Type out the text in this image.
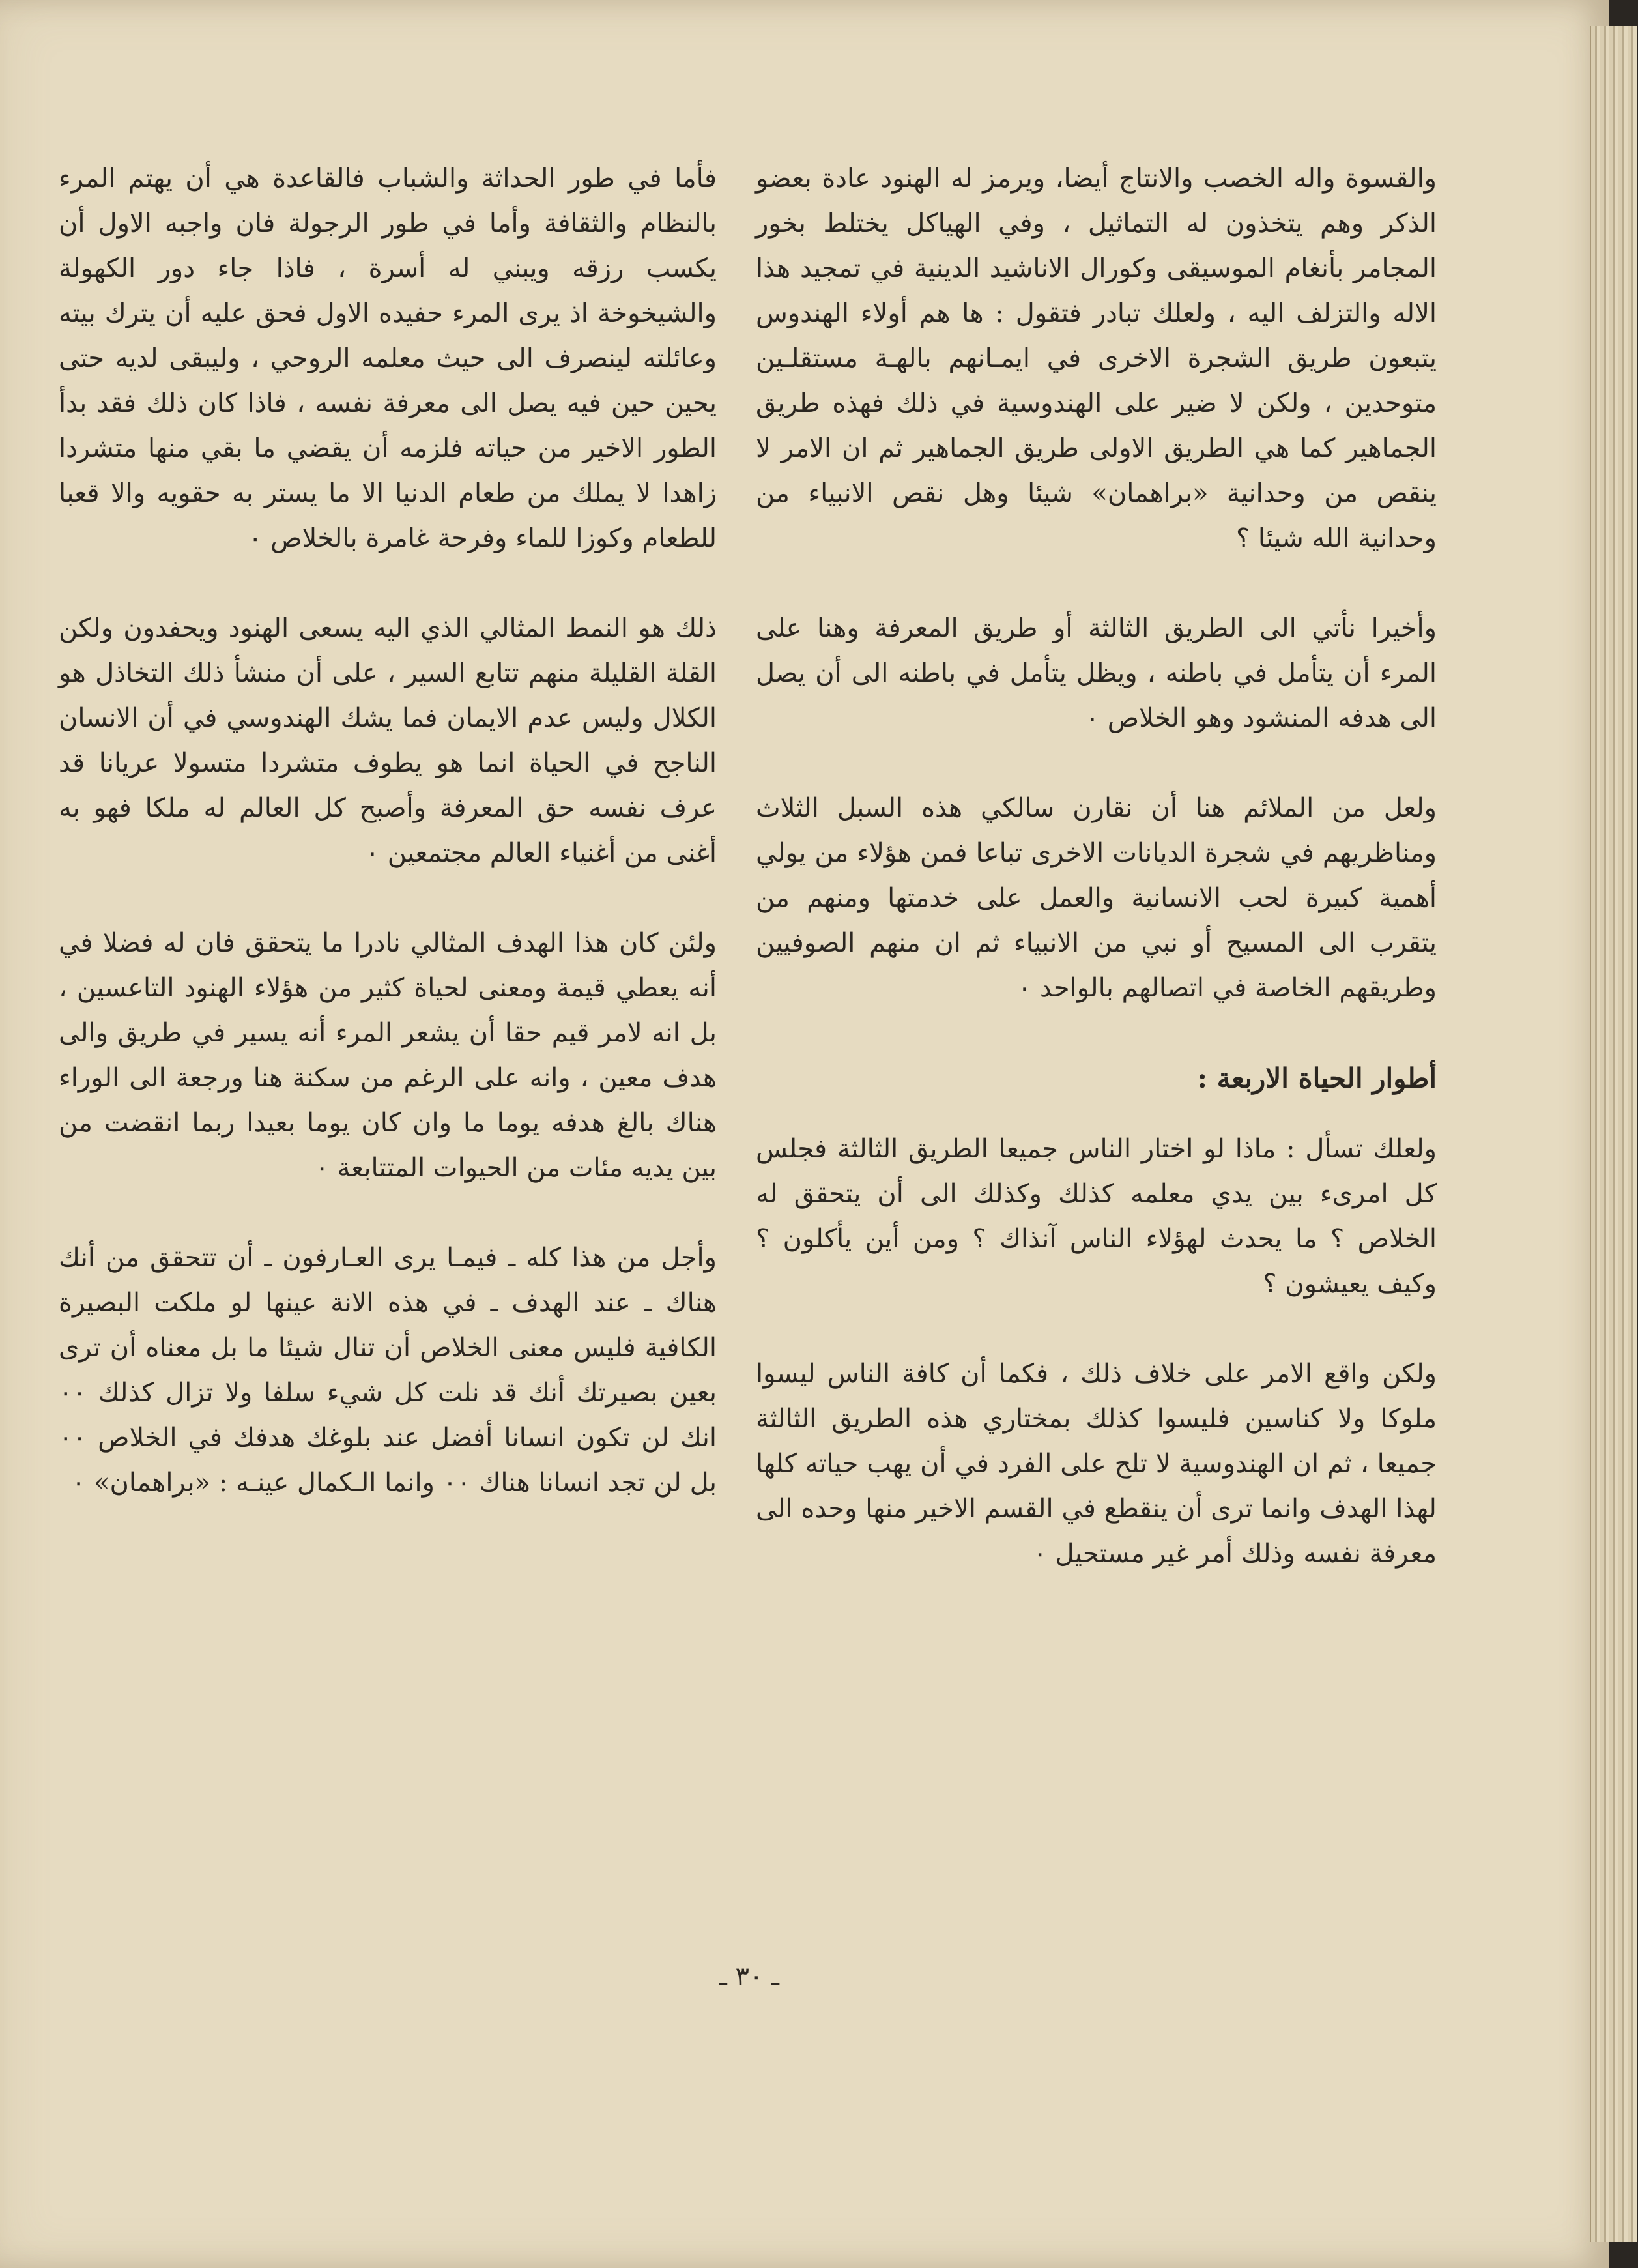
والقسوة واله الخصب والانتاج أيضا، ويرمز له الهنود عادة بعضو الذكر وهم يتخذون له التماثيل ، وفي الهياكل يختلط بخور المجامر بأنغام الموسيقى وكورال الاناشيد الدينية في تمجيد هذا الاله والتزلف اليه ، ولعلك تبادر فتقول : ها هم أولاء الهندوس يتبعون طريق الشجرة الاخرى في ايمـانهم بالهـة مستقلـين متوحدين ، ولكن لا ضير على الهندوسية في ذلك فهذه طريق الجماهير كما هي الطريق الاولى طريق الجماهير ثم ان الامر لا ينقص من وحدانية «براهمان» شيئا وهل نقص الانبياء من وحدانية الله شيئا ؟

وأخيرا نأتي الى الطريق الثالثة أو طريق المعرفة وهنا على المرء أن يتأمل في باطنه ، ويظل يتأمل في باطنه الى أن يصل الى هدفه المنشود وهو الخلاص ٠

ولعل من الملائم هنا أن نقارن سالكي هذه السبل الثلاث ومناظريهم في شجرة الديانات الاخرى تباعا فمن هؤلاء من يولي أهمية كبيرة لحب الانسانية والعمل على خدمتها ومنهم من يتقرب الى المسيح أو نبي من الانبياء ثم ان منهم الصوفيين وطريقهم الخاصة في اتصالهم بالواحد ٠

أطوار الحياة الاربعة :

ولعلك تسأل : ماذا لو اختار الناس جميعا الطريق الثالثة فجلس كل امرىء بين يدي معلمه كذلك وكذلك الى أن يتحقق له الخلاص ؟ ما يحدث لهؤلاء الناس آنذاك ؟ ومن أين يأكلون ؟ وكيف يعيشون ؟

ولكن واقع الامر على خلاف ذلك ، فكما أن كافة الناس ليسوا ملوكا ولا كناسين فليسوا كذلك بمختاري هذه الطريق الثالثة جميعا ، ثم ان الهندوسية لا تلح على الفرد في أن يهب حياته كلها لهذا الهدف وانما ترى أن ينقطع في القسم الاخير منها وحده الى معرفة نفسه وذلك أمر غير مستحيل ٠

فأما في طور الحداثة والشباب فالقاعدة هي أن يهتم المرء بالنظام والثقافة وأما في طور الرجولة فان واجبه الاول أن يكسب رزقه ويبني له أسرة ، فاذا جاء دور الكهولة والشيخوخة اذ يرى المرء حفيده الاول فحق عليه أن يترك بيته وعائلته لينصرف الى حيث معلمه الروحي ، وليبقى لديه حتى يحين حين فيه يصل الى معرفة نفسه ، فاذا كان ذلك فقد بدأ الطور الاخير من حياته فلزمه أن يقضي ما بقي منها متشردا زاهدا لا يملك من طعام الدنيا الا ما يستر به حقويه والا قعبا للطعام وكوزا للماء وفرحة غامرة بالخلاص ٠

ذلك هو النمط المثالي الذي اليه يسعى الهنود ويحفدون ولكن القلة القليلة منهم تتابع السير ، على أن منشأ ذلك التخاذل هو الكلال وليس عدم الايمان فما يشك الهندوسي في أن الانسان الناجح في الحياة انما هو يطوف متشردا متسولا عريانا قد عرف نفسه حق المعرفة وأصبح كل العالم له ملكا فهو به أغنى من أغنياء العالم مجتمعين ٠

ولئن كان هذا الهدف المثالي نادرا ما يتحقق فان له فضلا في أنه يعطي قيمة ومعنى لحياة كثير من هؤلاء الهنود التاعسين ، بل انه لامر قيم حقا أن يشعر المرء أنه يسير في طريق والى هدف معين ، وانه على الرغم من سكنة هنا ورجعة الى الوراء هناك بالغ هدفه يوما ما وان كان يوما بعيدا ربما انقضت من بين يديه مئات من الحيوات المتتابعة ٠

وأجل من هذا كله ـ فيمـا يرى العـارفون ـ أن تتحقق من أنك هناك ـ عند الهدف ـ في هذه الانة عينها لو ملكت البصيرة الكافية فليس معنى الخلاص أن تنال شيئا ما بل معناه أن ترى بعين بصيرتك أنك قد نلت كل شيء سلفا ولا تزال كذلك ٠٠ انك لن تكون انسانا أفضل عند بلوغك هدفك في الخلاص ٠٠ بل لن تجد انسانا هناك ٠٠ وانما الـكمال عينـه : «براهمان» ٠

ـ ٣٠ ـ
